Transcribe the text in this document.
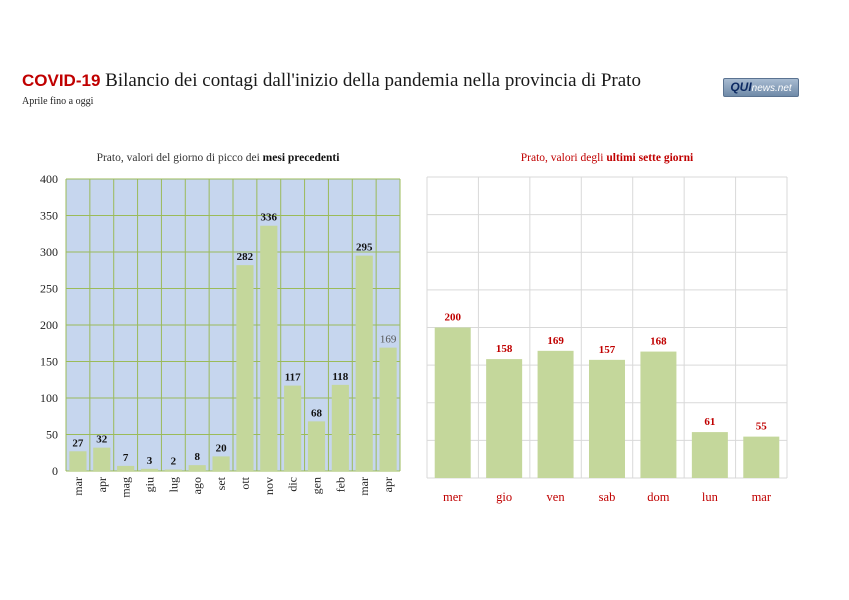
COVID-19 Bilancio dei contagi dall'inizio della pandemia nella provincia di Prato
Aprile fino a oggi
QUInews.net
0
50
100
150
200
250
300
350
400
Prato, valori del giorno di picco dei mesi precedenti
27
mar
32
apr
7
mag
3
giu
2
lug
8
ago
20
set
282
ott
336
nov
117
dic
68
gen
118
feb
295
mar
169
apr
Prato, valori degli ultimi sette giorni
200
mer
158
gio
169
ven
157
sab
168
dom
61
lun
55
mar
